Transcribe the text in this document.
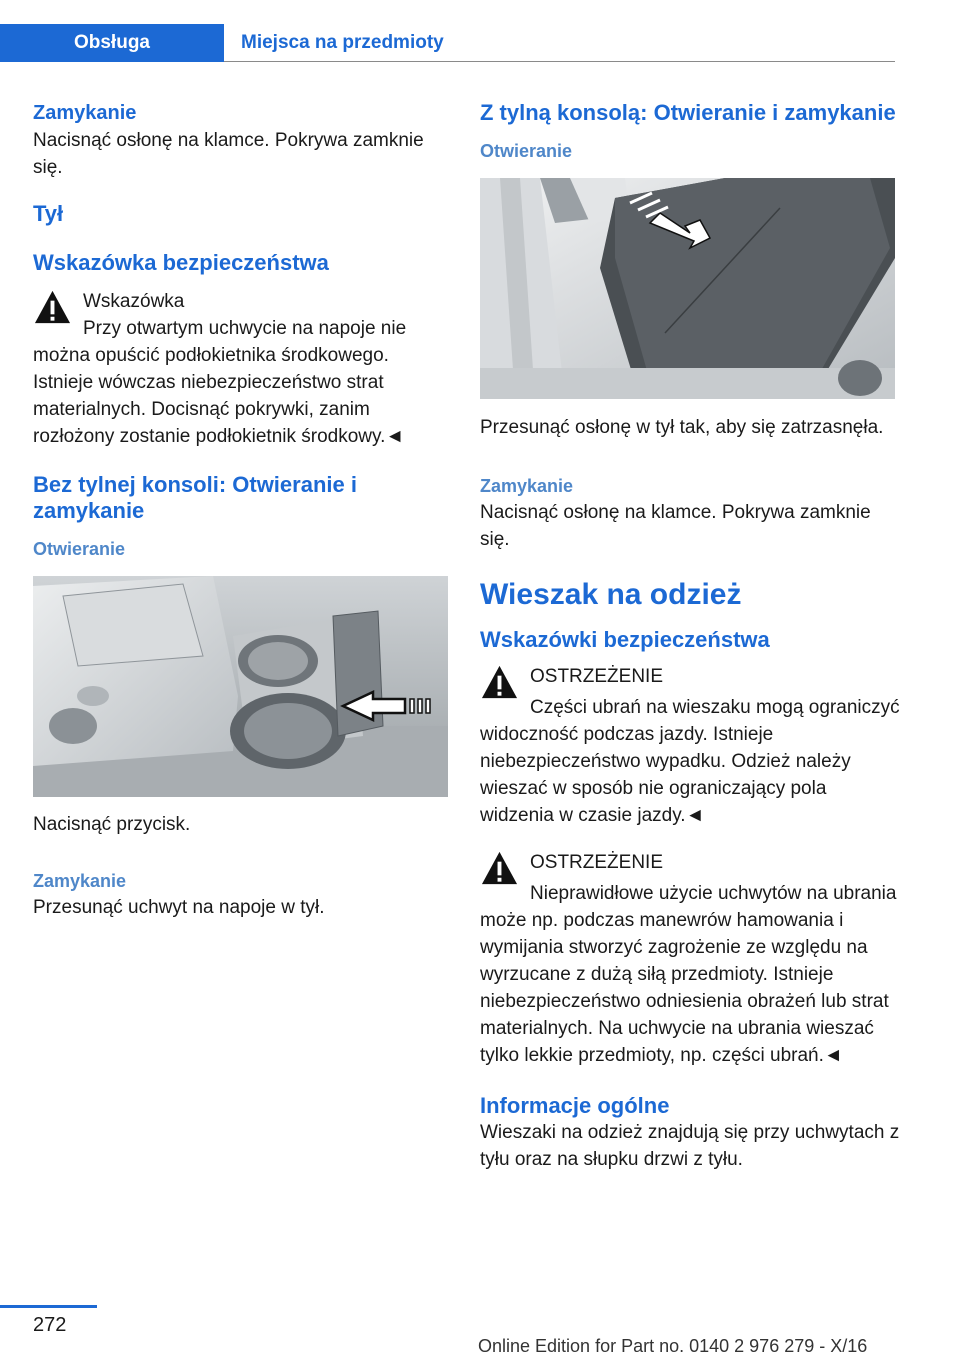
Obsługa	Miejsca na przedmioty
Zamykanie

Nacisnąć osłonę na klamce. Pokrywa zamknie się.

Tył
Wskazówka bezpieczeństwa

Wskazówka

Przy otwartym uchwycie na napoje nie można opuścić podłokietnika środkowego. Istnieje wówczas niebezpieczeństwo strat materialnych. Docisnąć pokrywki, zanim rozłożony zostanie podłokietnik środkowy.◄

Bez tylnej konsoli: Otwieranie i zamykanie
Otwieranie

Nacisnąć przycisk.

Zamykanie

Przesunąć uchwyt na napoje w tył.

Z tylną konsolą: Otwieranie i zamykanie
Otwieranie

Przesunąć osłonę w tył tak, aby się zatrzasnęła.

Zamykanie

Nacisnąć osłonę na klamce. Pokrywa zamknie się.

Wieszak na odzież
Wskazówki bezpieczeństwa

OSTRZEŻENIE

Części ubrań na wieszaku mogą ograniczyć widoczność podczas jazdy. Istnieje niebezpieczeństwo wypadku. Odzież należy wieszać w sposób nie ograniczający pola widzenia w czasie jazdy.◄

OSTRZEŻENIE

Nieprawidłowe użycie uchwytów na ubrania może np. podczas manewrów hamowania i wymijania stworzyć zagrożenie ze względu na wyrzucane z dużą siłą przedmioty. Istnieje niebezpieczeństwo odniesienia obrażeń lub strat materialnych. Na uchwycie na ubrania wieszać tylko lekkie przedmioty, np. części ubrań.◄

Informacje ogólne

Wieszaki na odzież znajdują się przy uchwytach z tyłu oraz na słupku drzwi z tyłu.

272
Online Edition for Part no. 0140 2 976 279 - X/16
